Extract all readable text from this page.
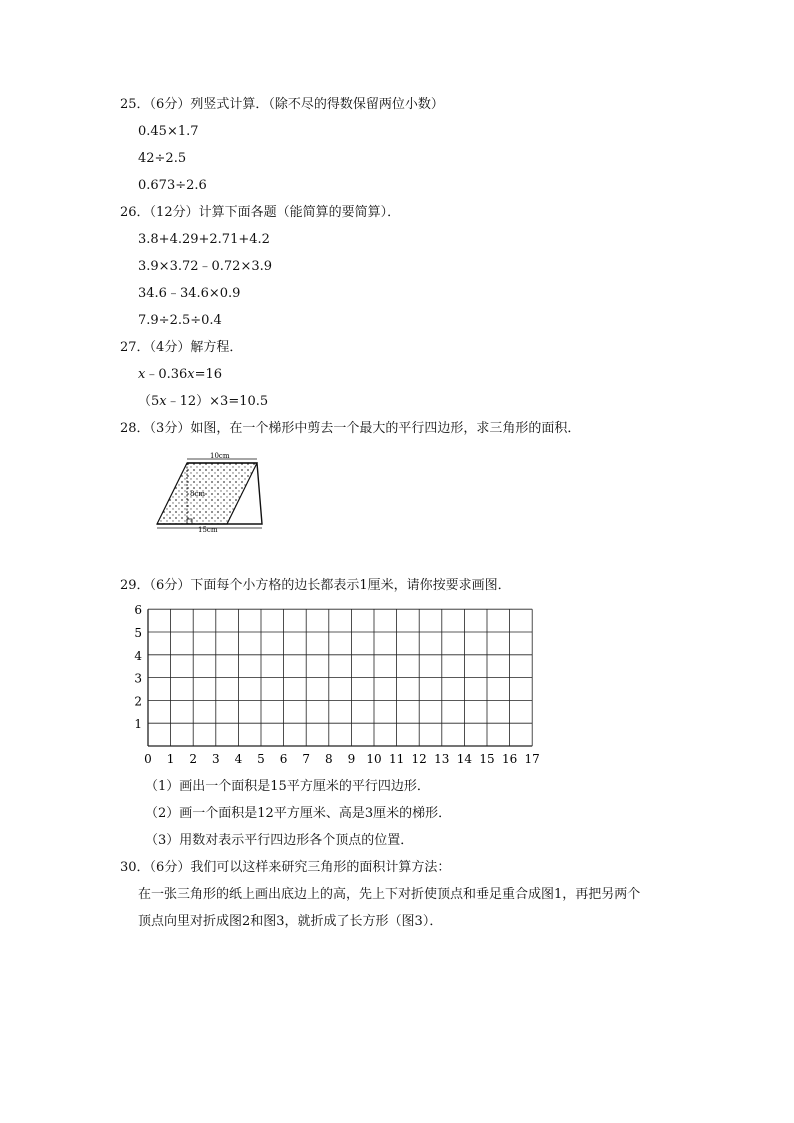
25．（6分）列竖式计算．（除不尽的得数保留两位小数）
0.45×1.7
42÷2.5
0.673÷2.6
26．（12分）计算下面各题（能简算的要简算）．
3.8+4.29+2.71+4.2
3.9×3.72﹣0.72×3.9
34.6﹣34.6×0.9
7.9÷2.5÷0.4
27．（4分）解方程．
x﹣0.36x=16
（5x﹣12）×3=10.5
28．（3分）如图，在一个梯形中剪去一个最大的平行四边形，求三角形的面积．
10cm
8cm
15cm
29．（6分）下面每个小方格的边长都表示1厘米，请你按要求画图．
0 1 2 3 4 5 6 7 8 9 10 11 12 13 14 15 16 17
1
2
3
4
5
6
（1）画出一个面积是15平方厘米的平行四边形．
（2）画一个面积是12平方厘米、高是3厘米的梯形．
（3）用数对表示平行四边形各个顶点的位置．
30．（6分）我们可以这样来研究三角形的面积计算方法：
在一张三角形的纸上画出底边上的高，先上下对折使顶点和垂足重合成图1，再把另两个
顶点向里对折成图2和图3，就折成了长方形（图3）．
